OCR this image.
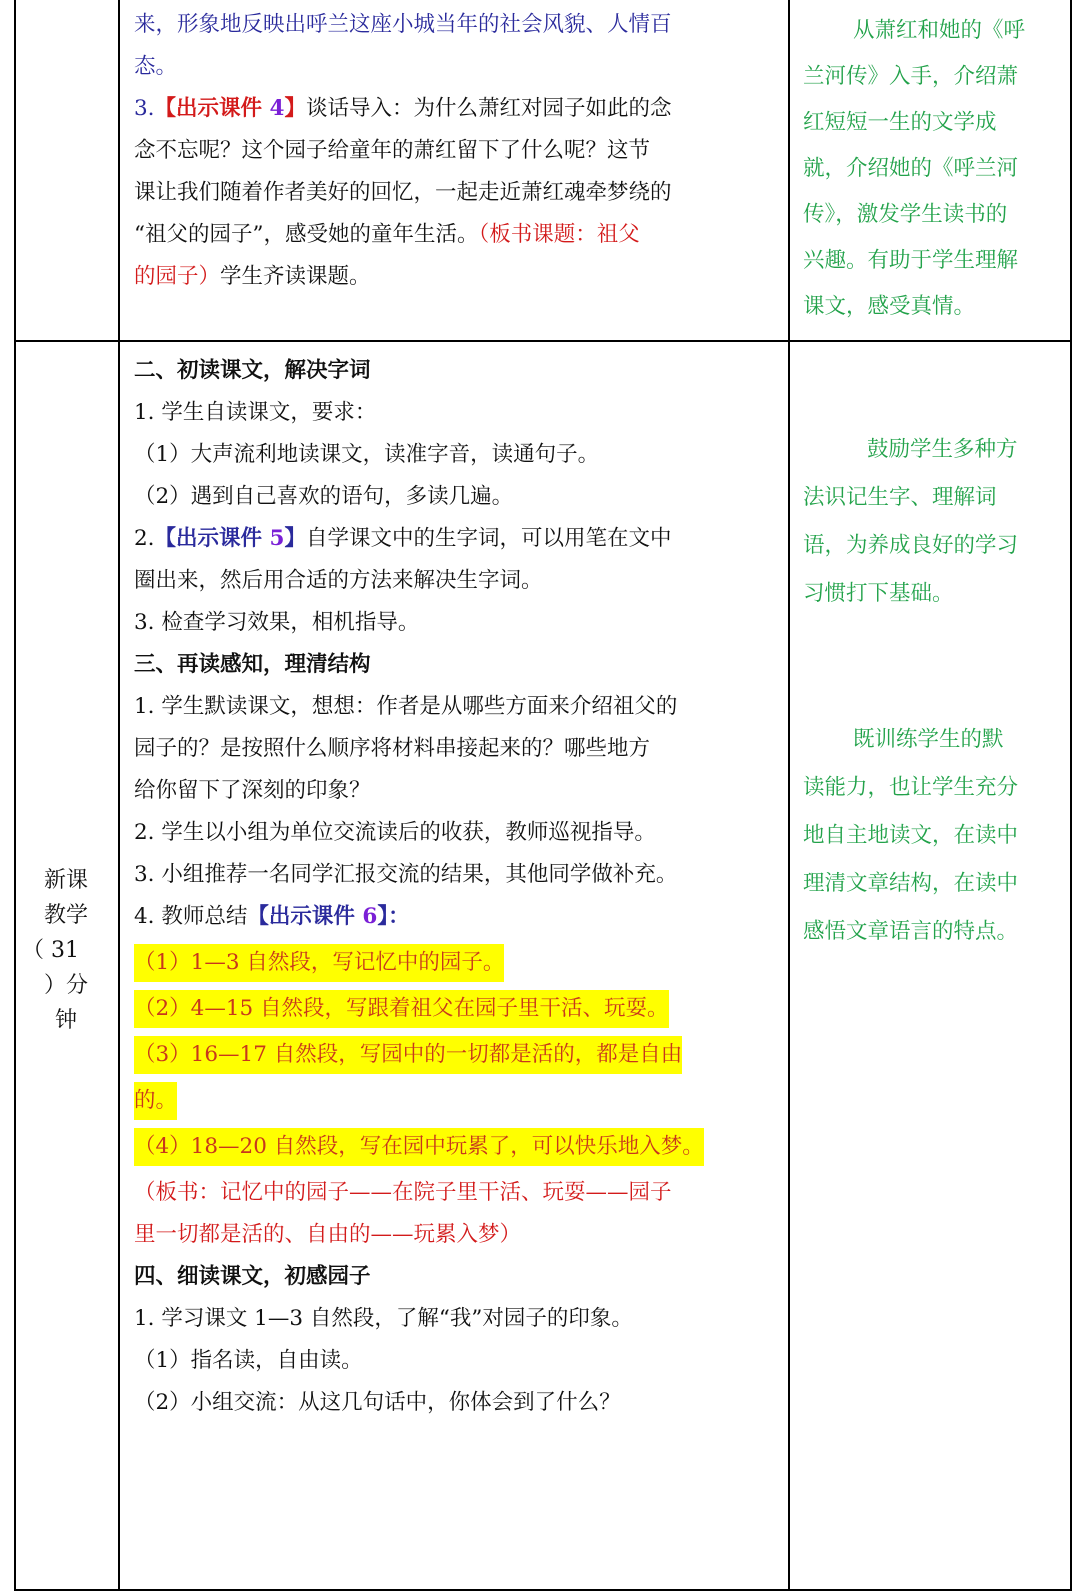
来，形象地反映出呼兰这座小城当年的社会风貌、人情百

态。

3.【出示课件 4】谈话导入：为什么萧红对园子如此的念

念不忘呢？这个园子给童年的萧红留下了什么呢？这节

课让我们随着作者美好的回忆，一起走近萧红魂牵梦绕的

“祖父的园子”，感受她的童年生活。（板书课题：祖父

的园子）学生齐读课题。

从萧红和她的《呼

兰河传》入手，介绍萧

红短短一生的文学成

就，介绍她的《呼兰河

传》，激发学生读书的

兴趣。有助于学生理解

课文，感受真情。

新课

教学

（ 31

）分

钟

二、初读课文，解决字词

1. 学生自读课文，要求：

（1）大声流利地读课文，读准字音，读通句子。

（2）遇到自己喜欢的语句，多读几遍。

2.【出示课件 5】自学课文中的生字词，可以用笔在文中

圈出来，然后用合适的方法来解决生字词。

3. 检查学习效果，相机指导。

三、再读感知，理清结构

1. 学生默读课文，想想：作者是从哪些方面来介绍祖父的

园子的？是按照什么顺序将材料串接起来的？哪些地方

给你留下了深刻的印象？

2. 学生以小组为单位交流读后的收获，教师巡视指导。

3. 小组推荐一名同学汇报交流的结果，其他同学做补充。

4. 教师总结【出示课件 6】：

（1）1—3 自然段，写记忆中的园子。

（2）4—15 自然段，写跟着祖父在园子里干活、玩耍。

（3）16—17 自然段，写园中的一切都是活的，都是自由

的。

（4）18—20 自然段，写在园中玩累了，可以快乐地入梦。

（板书：记忆中的园子——在院子里干活、玩耍——园子

里一切都是活的、自由的——玩累入梦）

四、细读课文，初感园子

1. 学习课文 1—3 自然段，了解“我”对园子的印象。

（1）指名读，自由读。

（2）小组交流：从这几句话中，你体会到了什么？

鼓励学生多种方

法识记生字、理解词

语，为养成良好的学习

习惯打下基础。

既训练学生的默

读能力，也让学生充分

地自主地读文，在读中

理清文章结构，在读中

感悟文章语言的特点。
